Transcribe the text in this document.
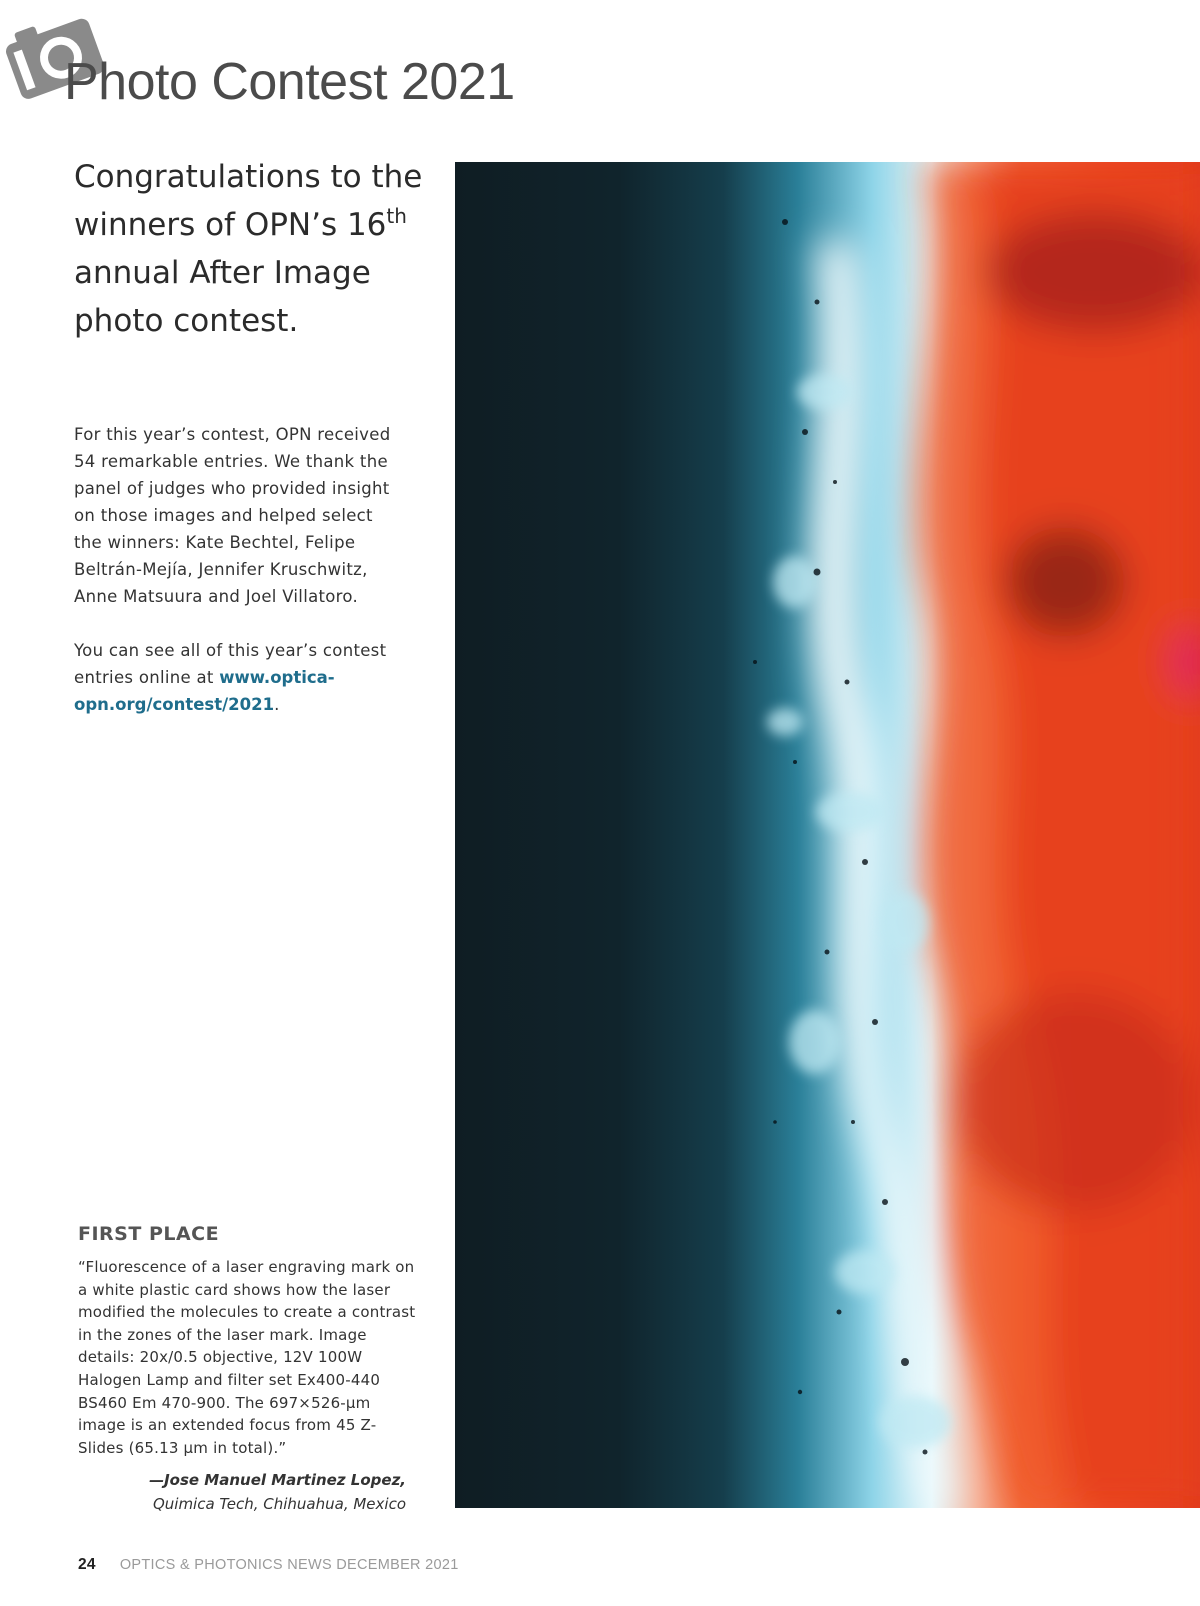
Photo Contest 2021

Congratulations to the winners of OPN’s 16th annual After Image photo contest.

For this year’s contest, OPN received 54 remarkable entries. We thank the panel of judges who provided insight on those images and helped select the winners: Kate Bechtel, Felipe Beltrán-Mejía, Jennifer Kruschwitz, Anne Matsuura and Joel Villatoro.

You can see all of this year’s contest entries online at www.optica-opn.org/contest/2021.

FIRST PLACE

“Fluorescence of a laser engraving mark on a white plastic card shows how the laser modified the molecules to create a contrast in the zones of the laser mark. Image details: 20x/0.5 objective, 12V 100W Halogen Lamp and filter set Ex400-440 BS460 Em 470-900. The 697×526-µm image is an extended focus from 45 Z-Slides (65.13 µm in total).”

—Jose Manuel Martinez Lopez,
Quimica Tech, Chihuahua, Mexico
24 OPTICS & PHOTONICS NEWS DECEMBER 2021
